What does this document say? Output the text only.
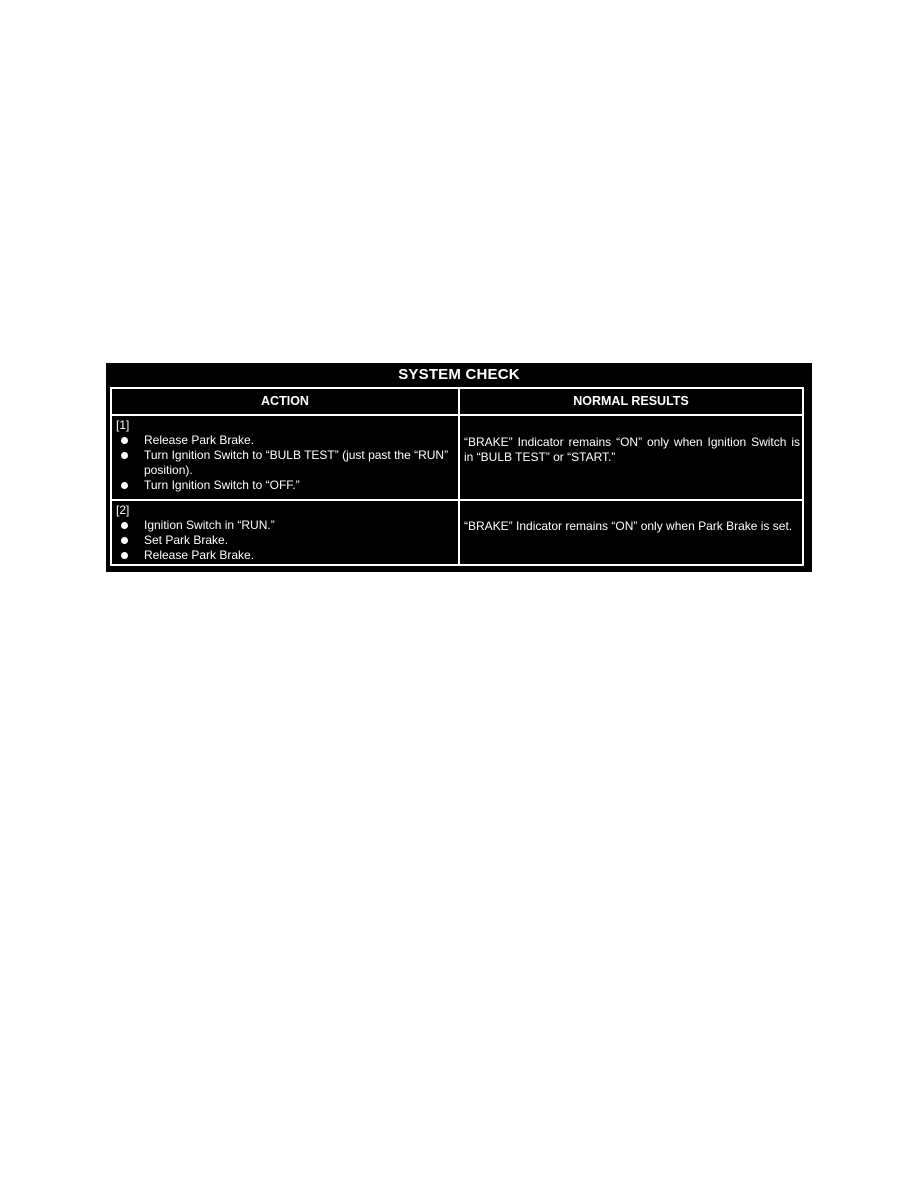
SYSTEM CHECK
ACTION	NORMAL RESULTS
[1]
Release Park Brake.
Turn Ignition Switch to “BULB TEST” (just past the “RUN” position).
Turn Ignition Switch to “OFF.”
“BRAKE” Indicator remains “ON” only when Ignition Switch is in “BULB TEST” or “START.”
[2]
Ignition Switch in “RUN.”
Set Park Brake.
Release Park Brake.
“BRAKE” Indicator remains “ON” only when Park Brake is set.
